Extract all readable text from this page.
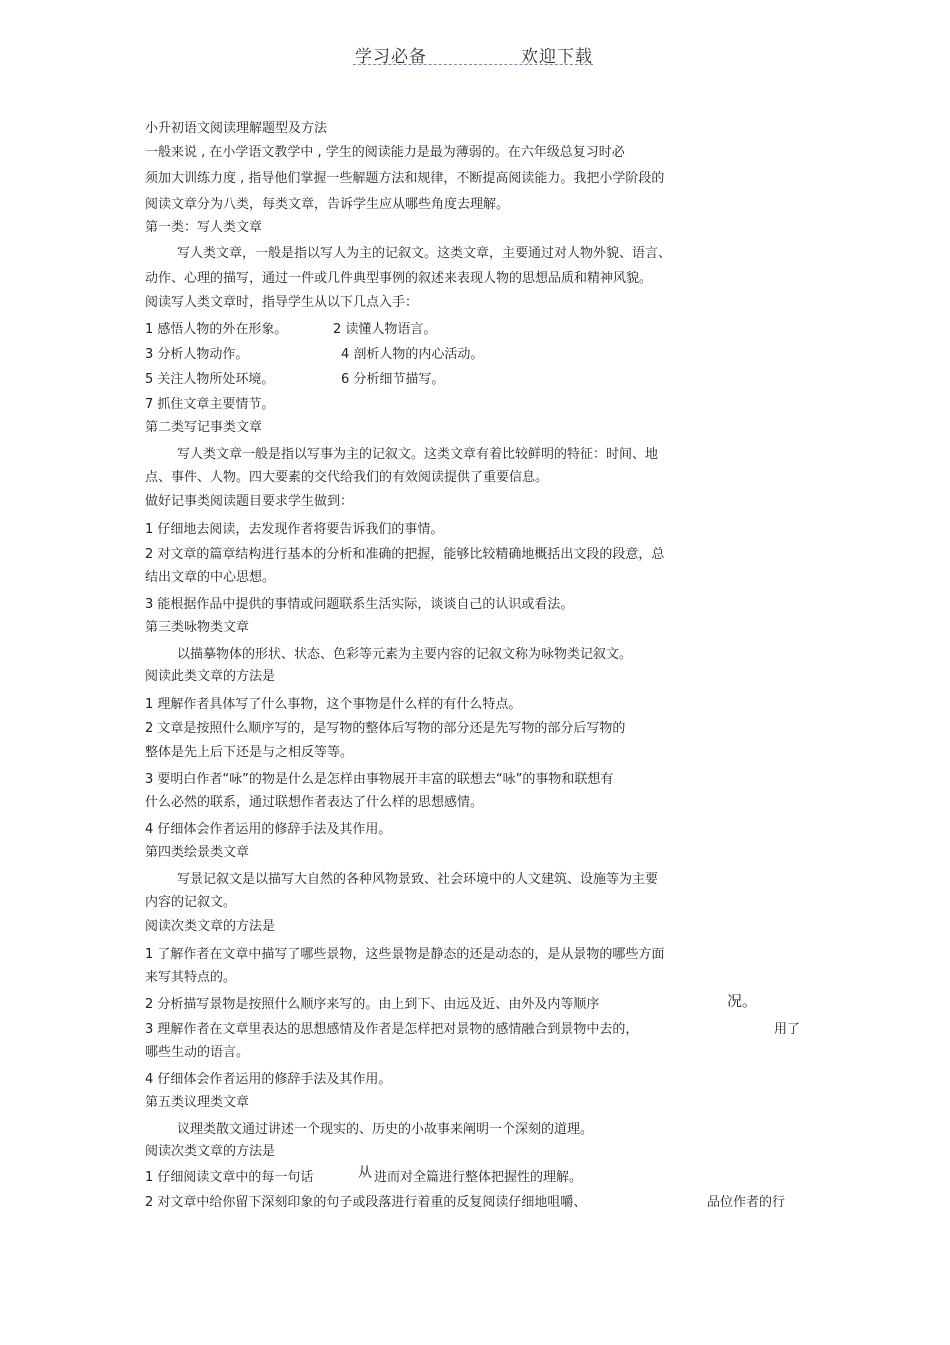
学习必备	欢迎下载
小升初语文阅读理解题型及方法
一般来说 , 在小学语文教学中 , 学生的阅读能力是最为薄弱的。在六年级总复习时必
须加大训练力度 , 指导他们掌握一些解题方法和规律，不断提高阅读能力。我把小学阶段的
阅读文章分为八类，每类文章，告诉学生应从哪些角度去理解。
第一类：写人类文章
写人类文章，一般是指以写人为主的记叙文。这类文章，主要通过对人物外貌、语言、
动作、心理的描写，通过一件或几件典型事例的叙述来表现人物的思想品质和精神风貌。
阅读写人类文章时，指导学生从以下几点入手：
1 感悟人物的外在形象。	2 读懂人物语言。
3 分析人物动作。	4 剖析人物的内心活动。
5 关注人物所处环境。	6 分析细节描写。
7 抓住文章主要情节。
第二类写记事类文章
写人类文章一般是指以写事为主的记叙文。这类文章有着比较鲜明的特征：时间、地
点、事件、人物。四大要素的交代给我们的有效阅读提供了重要信息。
做好记事类阅读题目要求学生做到：
1 仔细地去阅读，去发现作者将要告诉我们的事情。
2 对文章的篇章结构进行基本的分析和准确的把握，能够比较精确地概括出文段的段意，总
结出文章的中心思想。
3 能根据作品中提供的事情或问题联系生活实际，谈谈自己的认识或看法。
第三类咏物类文章
以描摹物体的形状、状态、色彩等元素为主要内容的记叙文称为咏物类记叙文。
阅读此类文章的方法是
1 理解作者具体写了什么事物，这个事物是什么样的有什么特点。
2 文章是按照什么顺序写的，是写物的整体后写物的部分还是先写物的部分后写物的
整体是先上后下还是与之相反等等。
3 要明白作者“咏”的物是什么是怎样由事物展开丰富的联想去“咏”的事物和联想有
什么必然的联系，通过联想作者表达了什么样的思想感情。
4 仔细体会作者运用的修辞手法及其作用。
第四类绘景类文章
写景记叙文是以描写大自然的各种风物景致、社会环境中的人文建筑、设施等为主要
内容的记叙文。
阅读次类文章的方法是
1 了解作者在文章中描写了哪些景物，这些景物是静态的还是动态的，是从景物的哪些方面
来写其特点的。
2 分析描写景物是按照什么顺序来写的。由上到下、由远及近、由外及内等顺序	况。
3 理解作者在文章里表达的思想感情及作者是怎样把对景物的感情融合到景物中去的，	用了
哪些生动的语言。
4 仔细体会作者运用的修辞手法及其作用。
第五类议理类文章
议理类散文通过讲述一个现实的、历史的小故事来阐明一个深刻的道理。
阅读次类文章的方法是
1 仔细阅读文章中的每一句话	从 进而对全篇进行整体把握性的理解。
2 对文章中给你留下深刻印象的句子或段落进行着重的反复阅读仔细地咀嚼、	品位作者的行
